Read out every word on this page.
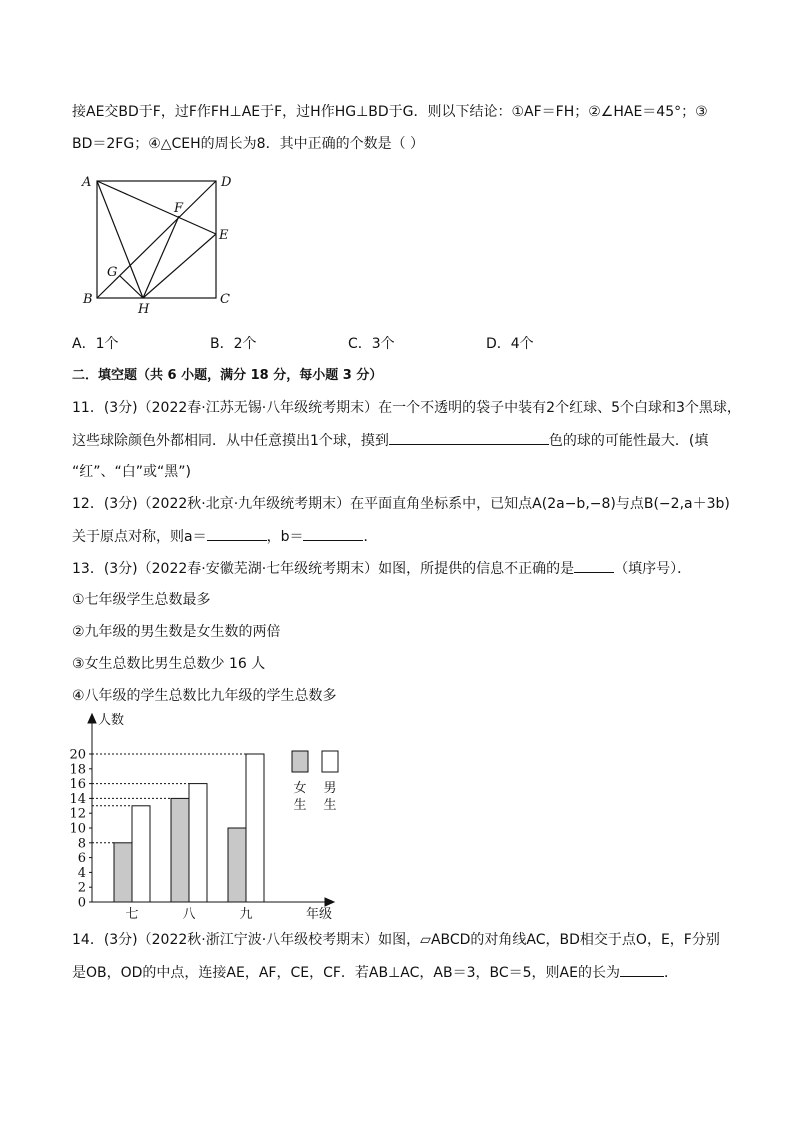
接AE交BD于F，过F作FH⊥AE于F，过H作HG⊥BD于G．则以下结论：①AF＝FH；②∠HAE＝45°；③
BD＝2FG；④△CEH的周长为8．其中正确的个数是（ ）
A	D
F
E
G
B
H
C
A．1个	B．2个	C．3个	D．4个
二．填空题（共 6 小题，满分 18 分，每小题 3 分）
11．(3分)（2022春·江苏无锡·八年级统考期末）在一个不透明的袋子中装有2个红球、5个白球和3个黑球，
这些球除颜色外都相同．从中任意摸出1个球，摸到	色的球的可能性最大．(填
“红”、“白”或“黑”)
12．(3分)（2022秋·北京·九年级统考期末）在平面直角坐标系中，已知点A(2a−b,−8)与点B(−2,a＋3b)
关于原点对称，则a＝	，b＝	．
13．(3分)（2022春·安徽芜湖·七年级统考期末）如图，所提供的信息不正确的是	（填序号）．
①七年级学生总数最多
②九年级的男生数是女生数的两倍
③女生总数比男生总数少 16 人
④八年级的学生总数比九年级的学生总数多
人数
年级
0
2
4
6
8
10
12
14
16
18
20
七	八	九
女
生
男
生
14．(3分)（2022秋·浙江宁波·八年级校考期末）如图，▱ABCD的对角线AC，BD相交于点O，E，F分别
是OB，OD的中点，连接AE，AF，CE，CF．若AB⊥AC，AB＝3，BC＝5，则AE的长为	．
